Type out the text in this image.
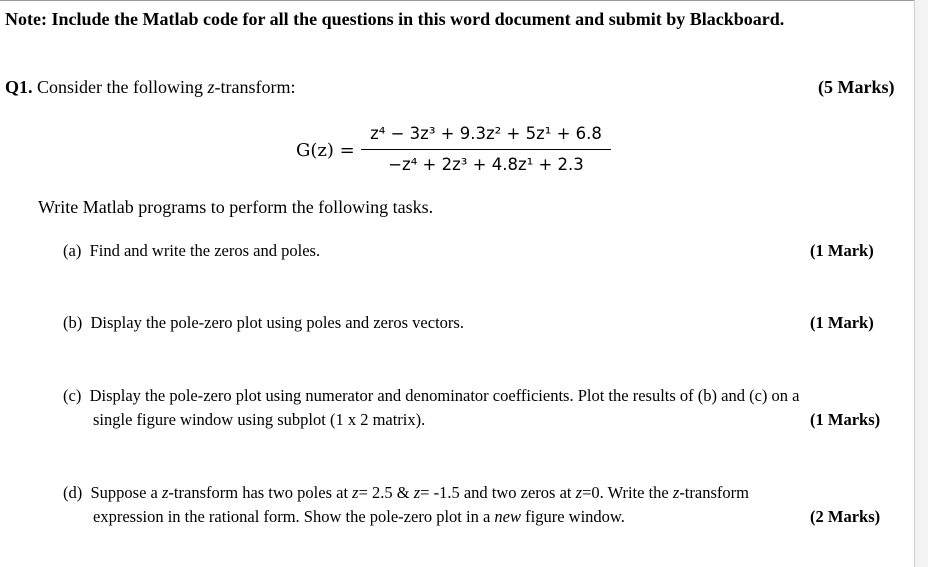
Note: Include the Matlab code for all the questions in this word document and submit by Blackboard.
Q1. Consider the following z-transform:	(5 Marks)
G(z) =
z⁴ − 3z³ + 9.3z² + 5z¹ + 6.8
−z⁴ + 2z³ + 4.8z¹ + 2.3
Write Matlab programs to perform the following tasks.
(a) Find and write the zeros and poles.	(1 Mark)
(b) Display the pole-zero plot using poles and zeros vectors.	(1 Mark)
(c) Display the pole-zero plot using numerator and denominator coefficients. Plot the results of (b) and (c) on a
single figure window using subplot (1 x 2 matrix).	(1 Marks)
(d) Suppose a z-transform has two poles at z= 2.5 & z= -1.5 and two zeros at z=0. Write the z-transform
expression in the rational form. Show the pole-zero plot in a new figure window.	(2 Marks)
